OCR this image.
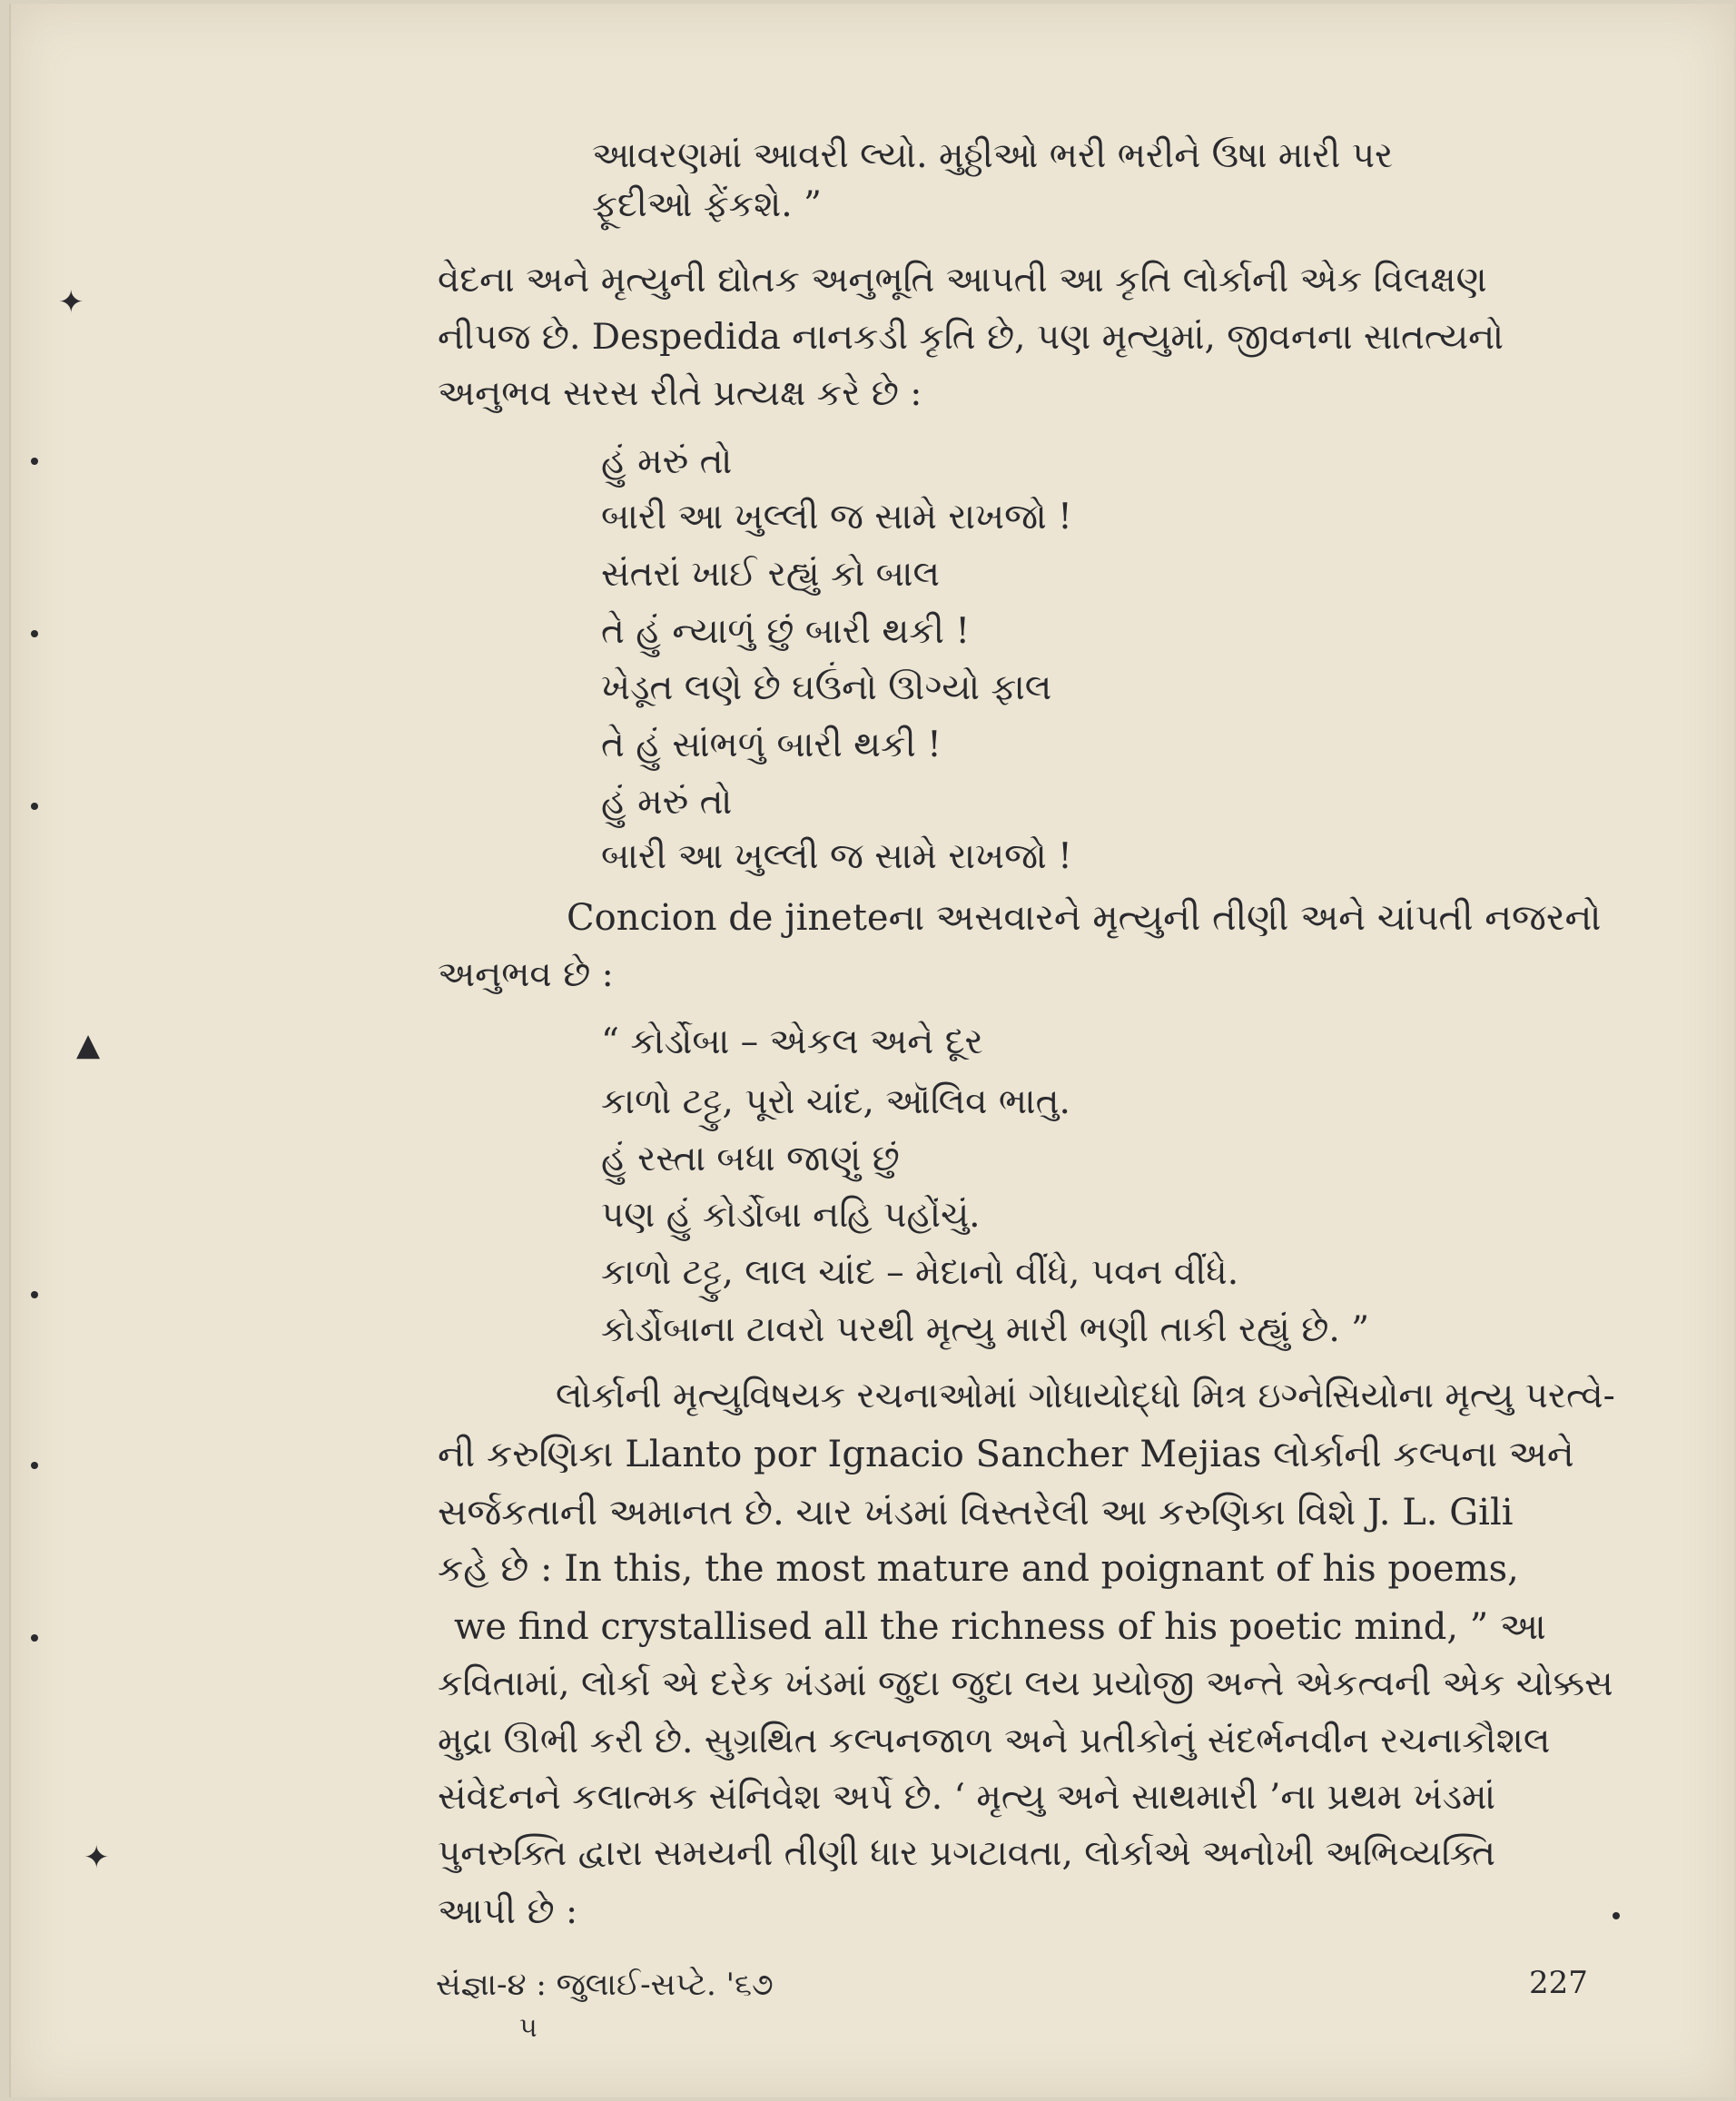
આવરણમાં આવરી લ્યો. મુઠ્ઠીઓ ભરી ભરીને ઉષા મારી પર
ફૂદીઓ ફેંકશે. ”
વેદના અને મૃત્યુની દ્યોતક અનુભૂતિ આપતી આ કૃતિ લોર્કાની એક વિલક્ષણ
નીપજ છે. Despedida નાનકડી કૃતિ છે, પણ મૃત્યુમાં, જીવનના સાતત્યનો
અનુભવ સરસ રીતે પ્રત્યક્ષ કરે છે :
હું મરું તો
બારી આ ખુલ્લી જ સામે રાખજો !
સંતરાં ખાઈ રહ્યું કો બાલ
તે હું ન્યાળું છું બારી થકી !
ખેડૂત લણે છે ઘઉંનો ઊગ્યો ફાલ
તે હું સાંભળું બારી થકી !
હું મરું તો
બારી આ ખુલ્લી જ સામે રાખજો !
Concion de jineteના અસવારને મૃત્યુની તીણી અને ચાંપતી નજરનો
અનુભવ છે :
“ કોર્ડોબા – એકલ અને દૂર
કાળો ટટ્ટુ, પૂરો ચાંદ, ઑલિવ ભાતુ.
હું રસ્તા બધા જાણું છું
પણ હું કોર્ડોબા નહિ પહોંચું.
કાળો ટટ્ટુ, લાલ ચાંદ – મેદાનો વીંધે, પવન વીંધે.
કોર્ડોબાના ટાવરો પરથી મૃત્યુ મારી ભણી તાકી રહ્યું છે. ”
લોર્કાની મૃત્યુવિષયક રચનાઓમાં ગોધાયોદ્ધો મિત્ર ઇગ્નેસિયોના મૃત્યુ પરત્વે-
ની કરુણિકા Llanto por Ignacio Sancher Mejias લોર્કાની કલ્પના અને
સર્જકતાની અમાનત છે. ચાર ખંડમાં વિસ્તરેલી આ કરુણિકા વિશે J. L. Gili
કહે છે : In this, the most mature and poignant of his poems,
we find crystallised all the richness of his poetic mind, ” આ
કવિતામાં, લોર્કા એ દરેક ખંડમાં જુદા જુદા લય પ્રયોજી અન્તે એકત્વની એક ચોક્કસ
મુદ્રા ઊભી કરી છે. સુગ્રથિત કલ્પનજાળ અને પ્રતીકોનું સંદર્ભનવીન રચનાકૌશલ
સંવેદનને કલાત્મક સંનિવેશ અર્પે છે. ‘ મૃત્યુ અને સાથમારી ’ના પ્રથમ ખંડમાં
પુનરુક્તિ દ્વારા સમયની તીણી ધાર પ્રગટાવતા, લોર્કાએ અનોખી અભિવ્યક્તિ
આપી છે :
સંજ્ઞા-૪ : જુલાઈ-સપ્ટે. '૬૭	227
૫
✦
▲
✦
